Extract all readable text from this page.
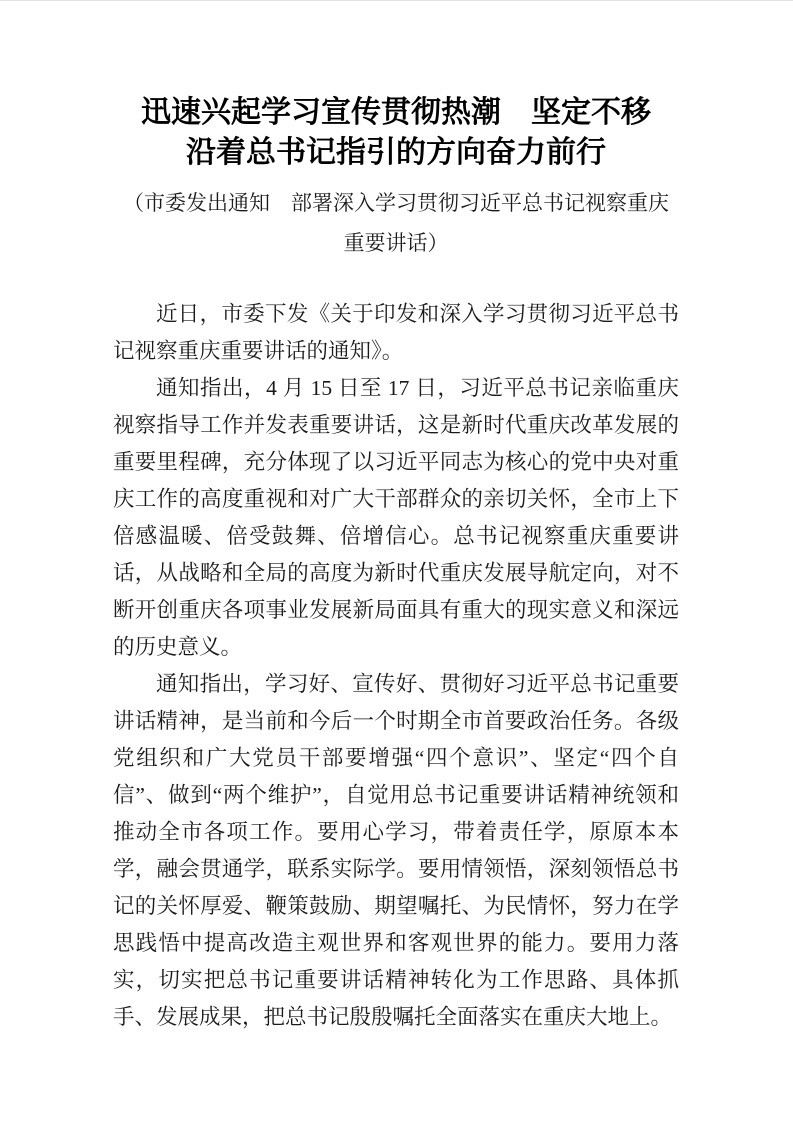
迅速兴起学习宣传贯彻热潮　坚定不移
沿着总书记指引的方向奋力前行
（市委发出通知　部署深入学习贯彻习近平总书记视察重庆
重要讲话）

近日，市委下发《关于印发和深入学习贯彻习近平总书记视察重庆重要讲话的通知》。

通知指出，4 月 15 日至 17 日，习近平总书记亲临重庆视察指导工作并发表重要讲话，这是新时代重庆改革发展的重要里程碑，充分体现了以习近平同志为核心的党中央对重庆工作的高度重视和对广大干部群众的亲切关怀，全市上下倍感温暖、倍受鼓舞、倍增信心。总书记视察重庆重要讲话，从战略和全局的高度为新时代重庆发展导航定向，对不断开创重庆各项事业发展新局面具有重大的现实意义和深远的历史意义。

通知指出，学习好、宣传好、贯彻好习近平总书记重要讲话精神，是当前和今后一个时期全市首要政治任务。各级党组织和广大党员干部要增强“四个意识”、坚定“四个自信”、做到“两个维护”，自觉用总书记重要讲话精神统领和推动全市各项工作。要用心学习，带着责任学，原原本本学，融会贯通学，联系实际学。要用情领悟，深刻领悟总书记的关怀厚爱、鞭策鼓励、期望嘱托、为民情怀，努力在学思践悟中提高改造主观世界和客观世界的能力。要用力落实，切实把总书记重要讲话精神转化为工作思路、具体抓手、发展成果，把总书记殷殷嘱托全面落实在重庆大地上。
